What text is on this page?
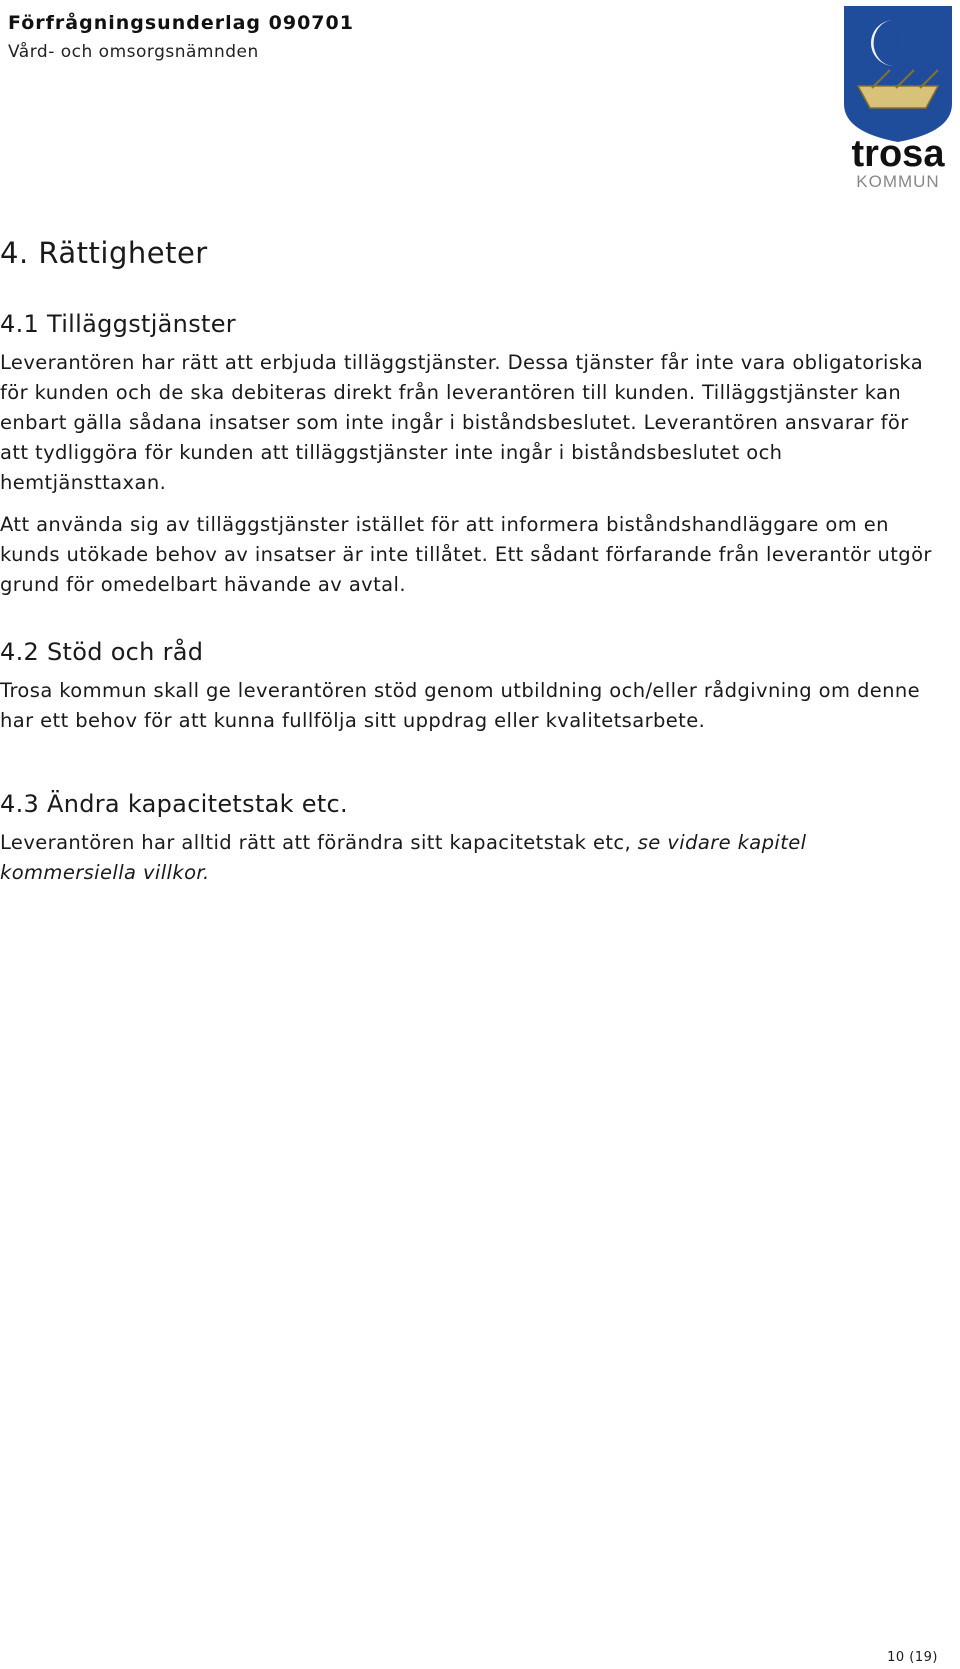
Förfrågningsunderlag 090701
Vård- och omsorgsnämnden
trosa
KOMMUN
4. Rättigheter
4.1 Tilläggstjänster

Leverantören har rätt att erbjuda tilläggstjänster. Dessa tjänster får inte vara obligatoriska för kunden och de ska debiteras direkt från leverantören till kunden. Tilläggstjänster kan enbart gälla sådana insatser som inte ingår i biståndsbeslutet. Leverantören ansvarar för att tydliggöra för kunden att tilläggstjänster inte ingår i biståndsbeslutet och hemtjänsttaxan.

Att använda sig av tilläggstjänster istället för att informera biståndshandläggare om en kunds utökade behov av insatser är inte tillåtet. Ett sådant förfarande från leverantör utgör grund för omedelbart hävande av avtal.

4.2 Stöd och råd

Trosa kommun skall ge leverantören stöd genom utbildning och/eller rådgivning om denne har ett behov för att kunna fullfölja sitt uppdrag eller kvalitetsarbete.

4.3 Ändra kapacitetstak etc.

Leverantören har alltid rätt att förändra sitt kapacitetstak etc, se vidare kapitel kommersiella villkor.

10 (19)
